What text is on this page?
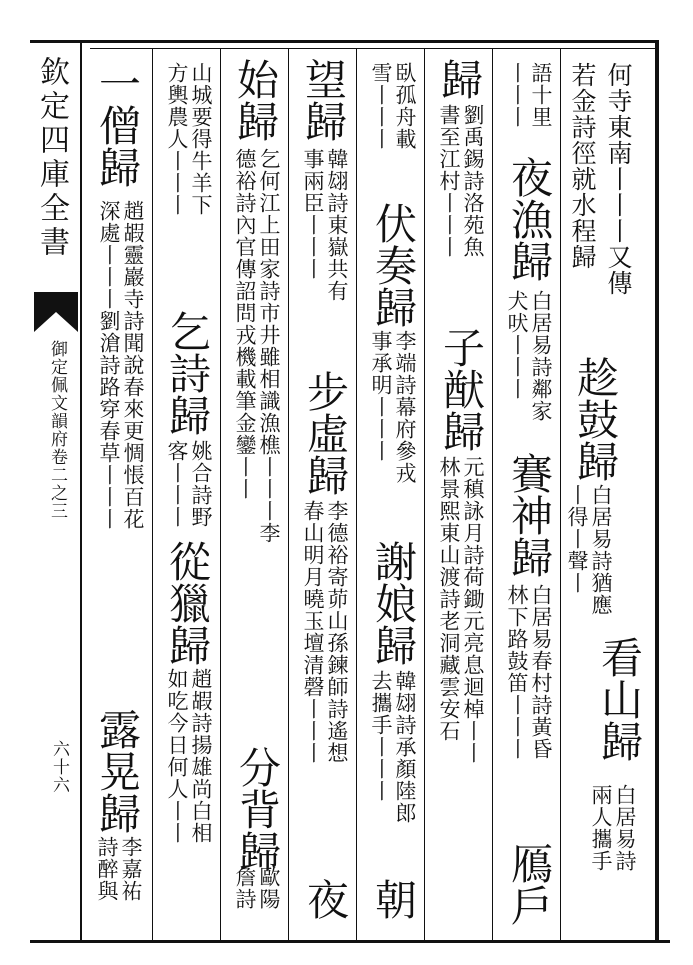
欽定四庫全書
御定佩文韻府卷二之三
六十六
何寺東南丨丨丨又傳
看山歸
白居易詩
兩人攜手
若金詩徑就水程歸
趁鼓歸
白居易詩猶應
丨得丨聲丨
語十里
丨丨丨
夜漁歸
白居易詩鄰家
犬吠丨丨丨
賽神歸
白居易春村詩黃昏
林下路鼓笛丨丨丨
鴈戶
歸
劉禹錫詩洛苑魚
書至江村丨丨丨
子猷歸
元稹詠月詩荷鋤元亮息迴棹丨丨
林景熙東山渡詩老洞藏雲安石
臥孤舟載
雪丨丨丨
伏奏歸
李端詩幕府參戎
事承明丨丨丨
謝娘歸
韓翃詩承顏陸郎
去攜手丨丨丨
朝
望歸
韓翃詩東嶽共有
事兩臣丨丨丨
步虛歸
李德裕寄茆山孫鍊師詩遙想
春山明月曉玉壇清磬丨丨丨
夜
始歸
乞何江上田家詩市井雖相識漁樵丨丨丨李
德裕詩內官傳詔問戎機載筆金鑾丨丨
分背歸
歐陽
詹詩
山城要得牛羊下
方輿農人丨丨丨
乞詩歸
姚合詩野
客丨丨丨
從獵歸
趙嘏詩揚雄尚白相
如吃今日何人丨丨
一僧歸
趙嘏靈巖寺詩聞說春來更惆悵百花
深處丨丨丨劉滄詩路穿春草丨丨丨
露晃歸
李嘉祐
詩醉與
